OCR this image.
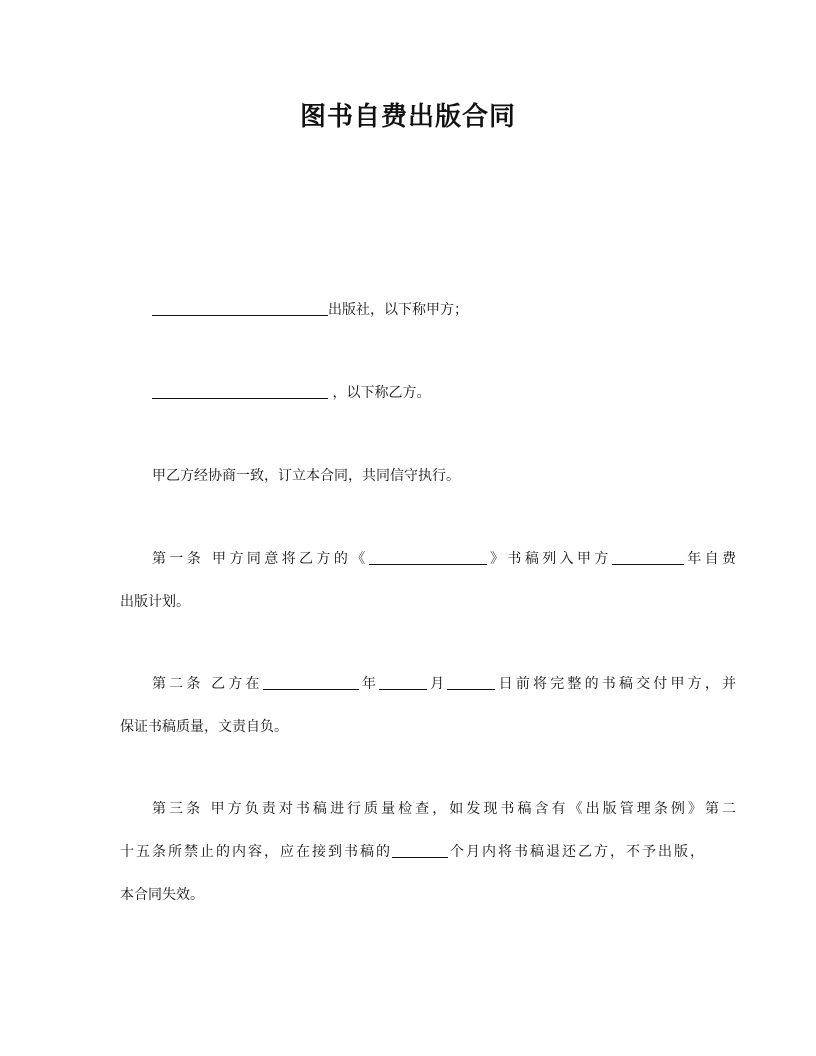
图书自费出版合同
出版社，以下称甲方；
，以下称乙方。
甲乙方经协商一致，订立本合同，共同信守执行。
第一条 甲方同意将乙方的《	》书稿列入甲方	年自费
出版计划。
第二条 乙方在	年	月	日前将完整的书稿交付甲方，并
保证书稿质量，文责自负。
第三条 甲方负责对书稿进行质量检查，如发现书稿含有《出版管理条例》第二
十五条所禁止的内容，应在接到书稿的	个月内将书稿退还乙方，不予出版，
本合同失效。
